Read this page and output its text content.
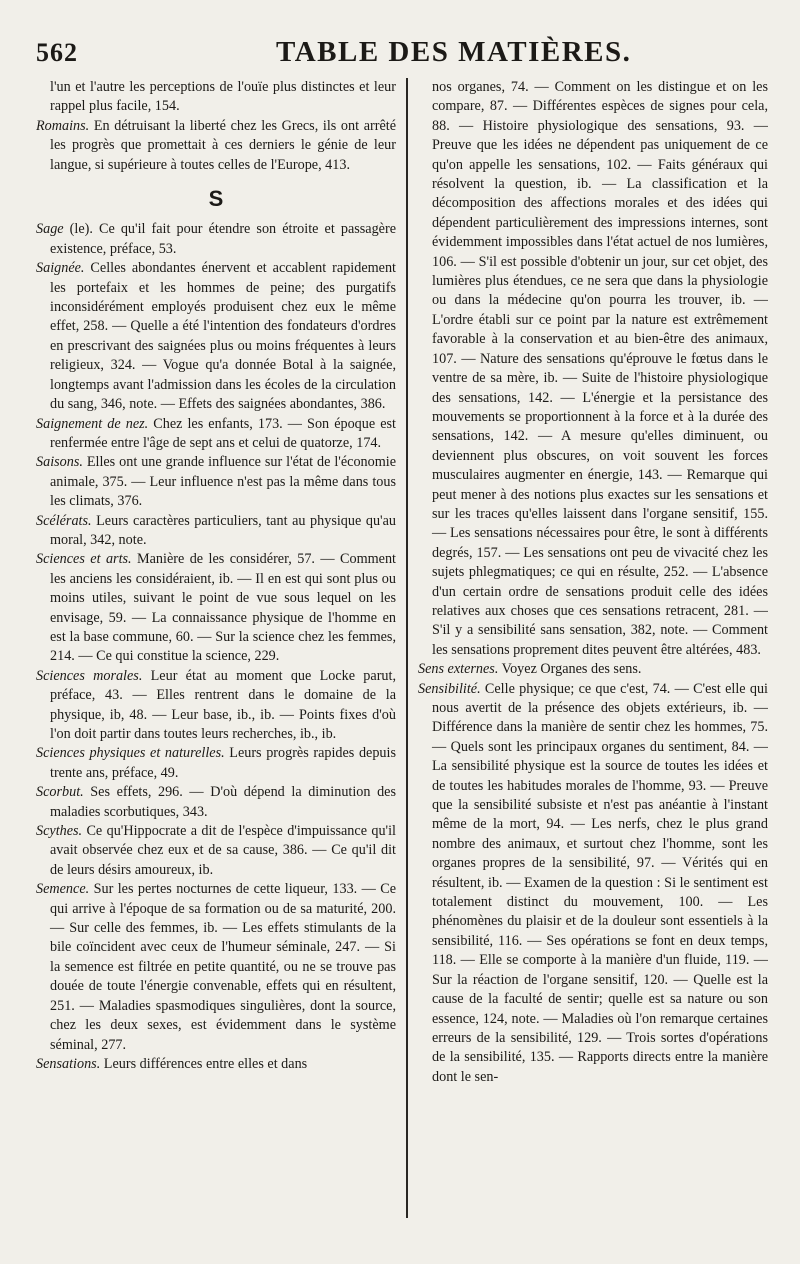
562	TABLE DES MATIÈRES.

l'un et l'autre les perceptions de l'ouïe plus distinctes et leur rappel plus facile, 154.

Romains. En détruisant la liberté chez les Grecs, ils ont arrêté les progrès que promettait à ces derniers le génie de leur langue, si supérieure à toutes celles de l'Europe, 413.

S

Sage (le). Ce qu'il fait pour étendre son étroite et passagère existence, préface, 53.

Saignée. Celles abondantes énervent et accablent rapidement les portefaix et les hommes de peine; des purgatifs inconsidérément employés produisent chez eux le même effet, 258. — Quelle a été l'intention des fondateurs d'ordres en prescrivant des saignées plus ou moins fréquentes à leurs religieux, 324. — Vogue qu'a donnée Botal à la saignée, longtemps avant l'admission dans les écoles de la circulation du sang, 346, note. — Effets des saignées abondantes, 386.

Saignement de nez. Chez les enfants, 173. — Son époque est renfermée entre l'âge de sept ans et celui de quatorze, 174.

Saisons. Elles ont une grande influence sur l'état de l'économie animale, 375. — Leur influence n'est pas la même dans tous les climats, 376.

Scélérats. Leurs caractères particuliers, tant au physique qu'au moral, 342, note.

Sciences et arts. Manière de les considérer, 57. — Comment les anciens les considéraient, ib. — Il en est qui sont plus ou moins utiles, suivant le point de vue sous lequel on les envisage, 59. — La connaissance physique de l'homme en est la base commune, 60. — Sur la science chez les femmes, 214. — Ce qui constitue la science, 229.

Sciences morales. Leur état au moment que Locke parut, préface, 43. — Elles rentrent dans le domaine de la physique, ib, 48. — Leur base, ib., ib. — Points fixes d'où l'on doit partir dans toutes leurs recherches, ib., ib.

Sciences physiques et naturelles. Leurs progrès rapides depuis trente ans, préface, 49.

Scorbut. Ses effets, 296. — D'où dépend la diminution des maladies scorbutiques, 343.

Scythes. Ce qu'Hippocrate a dit de l'espèce d'impuissance qu'il avait observée chez eux et de sa cause, 386. — Ce qu'il dit de leurs désirs amoureux, ib.

Semence. Sur les pertes nocturnes de cette liqueur, 133. — Ce qui arrive à l'époque de sa formation ou de sa maturité, 200. — Sur celle des femmes, ib. — Les effets stimulants de la bile coïncident avec ceux de l'humeur séminale, 247. — Si la semence est filtrée en petite quantité, ou ne se trouve pas douée de toute l'énergie convenable, effets qui en résultent, 251. — Maladies spasmodiques singulières, dont la source, chez les deux sexes, est évidemment dans le système séminal, 277.

Sensations. Leurs différences entre elles et dans

nos organes, 74. — Comment on les distingue et on les compare, 87. — Différentes espèces de signes pour cela, 88. — Histoire physiologique des sensations, 93. — Preuve que les idées ne dépendent pas uniquement de ce qu'on appelle les sensations, 102. — Faits généraux qui résolvent la question, ib. — La classification et la décomposition des affections morales et des idées qui dépendent particulièrement des impressions internes, sont évidemment impossibles dans l'état actuel de nos lumières, 106. — S'il est possible d'obtenir un jour, sur cet objet, des lumières plus étendues, ce ne sera que dans la physiologie ou dans la médecine qu'on pourra les trouver, ib. — L'ordre établi sur ce point par la nature est extrêmement favorable à la conservation et au bien-être des animaux, 107. — Nature des sensations qu'éprouve le fœtus dans le ventre de sa mère, ib. — Suite de l'histoire physiologique des sensations, 142. — L'énergie et la persistance des mouvements se proportionnent à la force et à la durée des sensations, 142. — A mesure qu'elles diminuent, ou deviennent plus obscures, on voit souvent les forces musculaires augmenter en énergie, 143. — Remarque qui peut mener à des notions plus exactes sur les sensations et sur les traces qu'elles laissent dans l'organe sensitif, 155. — Les sensations nécessaires pour être, le sont à différents degrés, 157. — Les sensations ont peu de vivacité chez les sujets phlegmatiques; ce qui en résulte, 252. — L'absence d'un certain ordre de sensations produit celle des idées relatives aux choses que ces sensations retracent, 281. — S'il y a sensibilité sans sensation, 382, note. — Comment les sensations proprement dites peuvent être altérées, 483.

Sens externes. Voyez Organes des sens.

Sensibilité. Celle physique; ce que c'est, 74. — C'est elle qui nous avertit de la présence des objets extérieurs, ib. — Différence dans la manière de sentir chez les hommes, 75. — Quels sont les principaux organes du sentiment, 84. — La sensibilité physique est la source de toutes les idées et de toutes les habitudes morales de l'homme, 93. — Preuve que la sensibilité subsiste et n'est pas anéantie à l'instant même de la mort, 94. — Les nerfs, chez le plus grand nombre des animaux, et surtout chez l'homme, sont les organes propres de la sensibilité, 97. — Vérités qui en résultent, ib. — Examen de la question : Si le sentiment est totalement distinct du mouvement, 100. — Les phénomènes du plaisir et de la douleur sont essentiels à la sensibilité, 116. — Ses opérations se font en deux temps, 118. — Elle se comporte à la manière d'un fluide, 119. — Sur la réaction de l'organe sensitif, 120. — Quelle est la cause de la faculté de sentir; quelle est sa nature ou son essence, 124, note. — Maladies où l'on remarque certaines erreurs de la sensibilité, 129. — Trois sortes d'opérations de la sensibilité, 135. — Rapports directs entre la manière dont le sen-
